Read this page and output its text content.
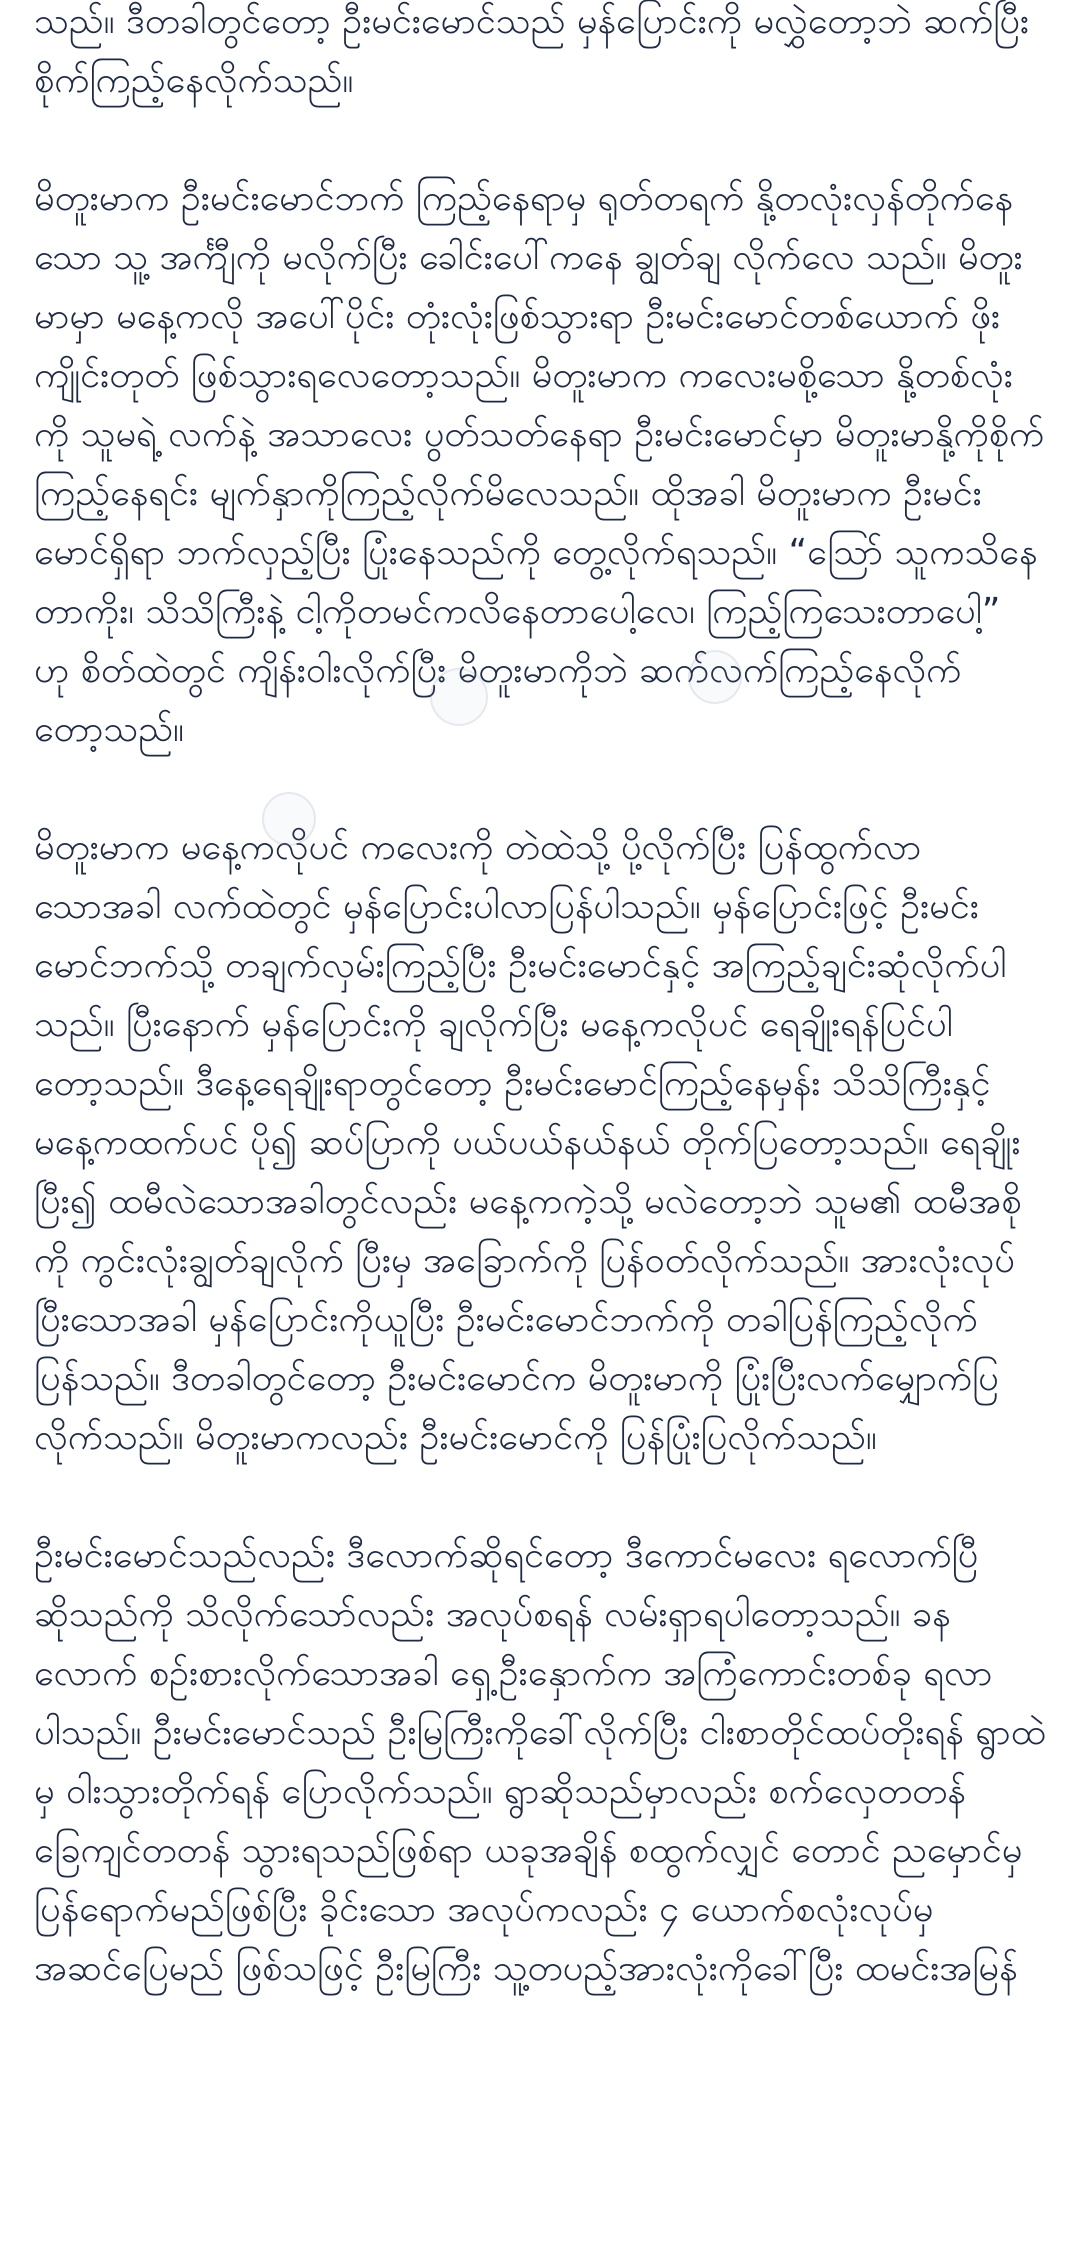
သည်။ ဒီတခါတွင်တော့ ဦးမင်းမောင်သည် မှန်ပြောင်းကို မလွှဲတော့ဘဲ ဆက်ပြီးစိုက်ကြည့်နေလိုက်သည်။

မိတူးမာက ဦးမင်းမောင်ဘက် ကြည့်နေရာမှ ရုတ်တရက် နို့တလုံးလှန်တိုက်နေသော သူ့ အင်္ကျီကို မလိုက်ပြီး ခေါင်းပေါ်ကနေ ချွတ်ချ လိုက်လေ သည်။ မိတူးမာမှာ မနေ့ကလို အပေါ်ပိုင်း တုံးလုံးဖြစ်သွားရာ ဦးမင်းမောင်တစ်ယောက် ဖိုးကျိုင်းတုတ် ဖြစ်သွားရလေတော့သည်။ မိတူးမာက ကလေးမစို့သော နို့တစ်လုံးကို သူမရဲ့ လက်နဲ့ အသာလေး ပွတ်သတ်နေရာ ဦးမင်းမောင်မှာ မိတူးမာနို့ကိုစိုက်ကြည့်နေရင်း မျက်နှာကိုကြည့်လိုက်မိလေသည်။ ထိုအခါ မိတူးမာက ဦးမင်းမောင်ရှိရာ ဘက်လှည့်ပြီး ပြုံးနေသည်ကို တွေ့လိုက်ရသည်။ “ဩော် သူကသိနေတာကိုး၊ သိသိကြီးနဲ့ ငါ့ကိုတမင်ကလိနေတာပေါ့လေ၊ ကြည့်ကြသေးတာပေါ့” ဟု စိတ်ထဲတွင် ကျိန်းဝါးလိုက်ပြီး မိတူးမာကိုဘဲ ဆက်လက်ကြည့်နေလိုက်တော့သည်။

မိတူးမာက မနေ့ကလိုပင် ကလေးကို တဲထဲသို့ ပို့လိုက်ပြီး ပြန်ထွက်လာသောအခါ လက်ထဲတွင် မှန်ပြောင်းပါလာပြန်ပါသည်။ မှန်ပြောင်းဖြင့် ဦးမင်းမောင်ဘက်သို့ တချက်လှမ်းကြည့်ပြီး ဦးမင်းမောင်နှင့် အကြည့်ချင်းဆုံလိုက်ပါသည်။ ပြီးနောက် မှန်ပြောင်းကို ချလိုက်ပြီး မနေ့ကလိုပင် ရေချိုးရန်ပြင်ပါတော့သည်။ ဒီနေ့ရေချိုးရာတွင်တော့ ဦးမင်းမောင်ကြည့်နေမှန်း သိသိကြီးနှင့် မနေ့ကထက်ပင် ပို၍ ဆပ်ပြာကို ပယ်ပယ်နယ်နယ် တိုက်ပြတော့သည်။ ရေချိုးပြီး၍ ထမီလဲသောအခါတွင်လည်း မနေ့ကကဲ့သို့ မလဲတော့ဘဲ သူမ၏ ထမီအစိုကို ကွင်းလုံးချွတ်ချလိုက် ပြီးမှ အခြောက်ကို ပြန်ဝတ်လိုက်သည်။ အားလုံးလုပ်ပြီးသောအခါ မှန်ပြောင်းကိုယူပြီး ဦးမင်းမောင်ဘက်ကို တခါပြန်ကြည့်လိုက်ပြန်သည်။ ဒီတခါတွင်တော့ ဦးမင်းမောင်က မိတူးမာကို ပြုံးပြီးလက်မျှောက်ပြလိုက်သည်။ မိတူးမာကလည်း ဦးမင်းမောင်ကို ပြန်ပြုံးပြလိုက်သည်။

ဦးမင်းမောင်သည်လည်း ဒီလောက်ဆိုရင်တော့ ဒီကောင်မလေး ရလောက်ပြီဆိုသည်ကို သိလိုက်သော်လည်း အလုပ်စရန် လမ်းရှာရပါတော့သည်။ ခနလောက် စဉ်းစားလိုက်သောအခါ ရှေ့ဦးနှောက်က အကြံကောင်းတစ်ခု ရလာပါသည်။ ဦးမင်းမောင်သည် ဦးမြကြီးကိုခေါ်လိုက်ပြီး ငါးစာတိုင်ထပ်တိုးရန် ရွာထဲမှ ဝါးသွားတိုက်ရန် ပြောလိုက်သည်။ ရွာဆိုသည်မှာလည်း စက်လှေတတန် ခြေကျင်တတန် သွားရသည်ဖြစ်ရာ ယခုအချိန် စထွက်လျှင် တောင် ညမှောင်မှ ပြန်ရောက်မည်ဖြစ်ပြီး ခိုင်းသော အလုပ်ကလည်း ၄ ယောက်စလုံးလုပ်မှ အဆင်ပြေမည် ဖြစ်သဖြင့် ဦးမြကြီး သူ့တပည့်အားလုံးကိုခေါ်ပြီး ထမင်းအမြန်
